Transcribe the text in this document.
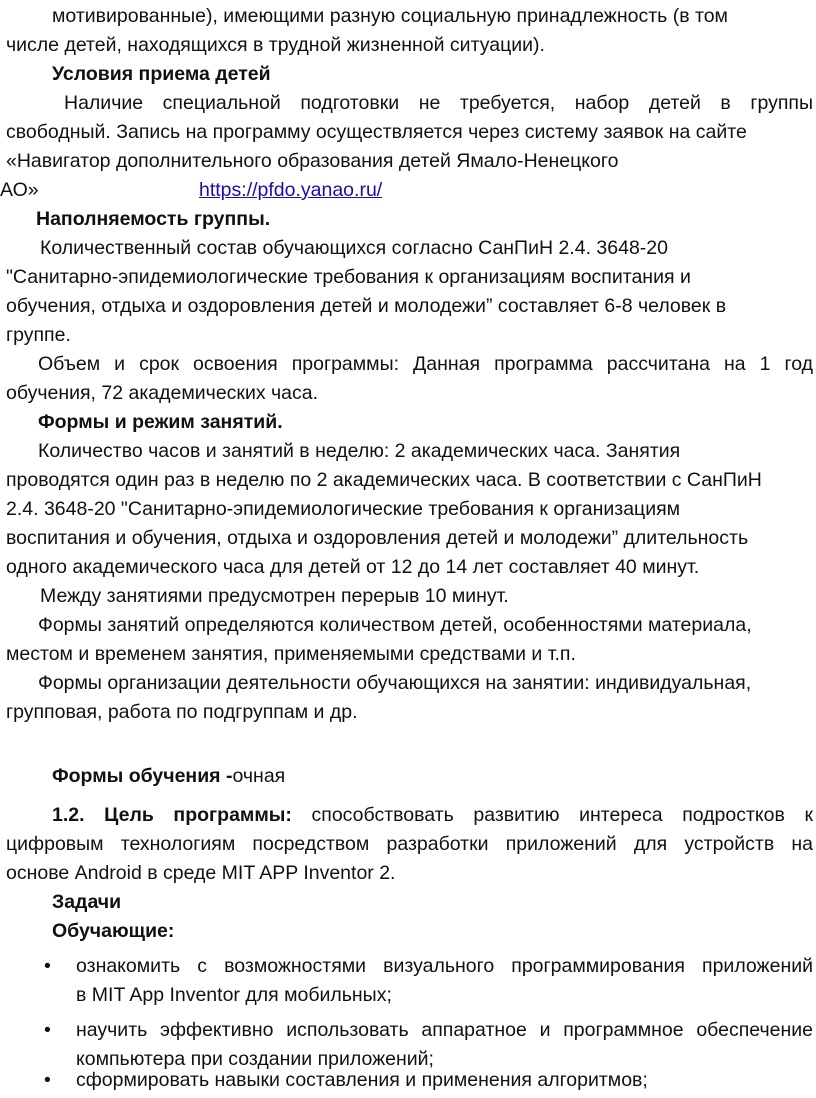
мотивированные), имеющими разную социальную принадлежность (в том
числе детей, находящихся в трудной жизненной ситуации).
Условия приема детей
Наличие специальной подготовки не требуется, набор детей в группы
свободный. Запись на программу осуществляется через систему заявок на сайте
«Навигатор дополнительного образования детей Ямало-Ненецкого
АО»	https://pfdo.yanao.ru/
Наполняемость группы.
Количественный состав обучающихся согласно СанПиН 2.4. 3648-20
"Санитарно-эпидемиологические требования к организациям воспитания и
обучения, отдыха и оздоровления детей и молодежи” составляет 6-8 человек в
группе.
Объем и срок освоения программы: Данная программа рассчитана на 1 год
обучения, 72 академических часа.
Формы и режим занятий.
Количество часов и занятий в неделю: 2 академических часа. Занятия
проводятся один раз в неделю по 2 академических часа. В соответствии с СанПиН
2.4. 3648-20 "Санитарно-эпидемиологические требования к организациям
воспитания и обучения, отдыха и оздоровления детей и молодежи” длительность
одного академического часа для детей от 12 до 14 лет составляет 40 минут.
Между занятиями предусмотрен перерыв 10 минут.
Формы занятий определяются количеством детей, особенностями материала,
местом и временем занятия, применяемыми средствами и т.п.
Формы организации деятельности обучающихся на занятии: индивидуальная,
групповая, работа по подгруппам и др.
Формы обучения -очная
1.2. Цель программы: способствовать развитию интереса подростков к
цифровым технологиям посредством разработки приложений для устройств на
основе Android в среде MIT APP Inventor 2.
Задачи
Обучающие:
• ознакомить с возможностями визуального программирования приложений
в MIT App Inventor для мобильных;
• научить эффективно использовать аппаратное и программное обеспечение
компьютера при создании приложений;
• сформировать навыки составления и применения алгоритмов;
